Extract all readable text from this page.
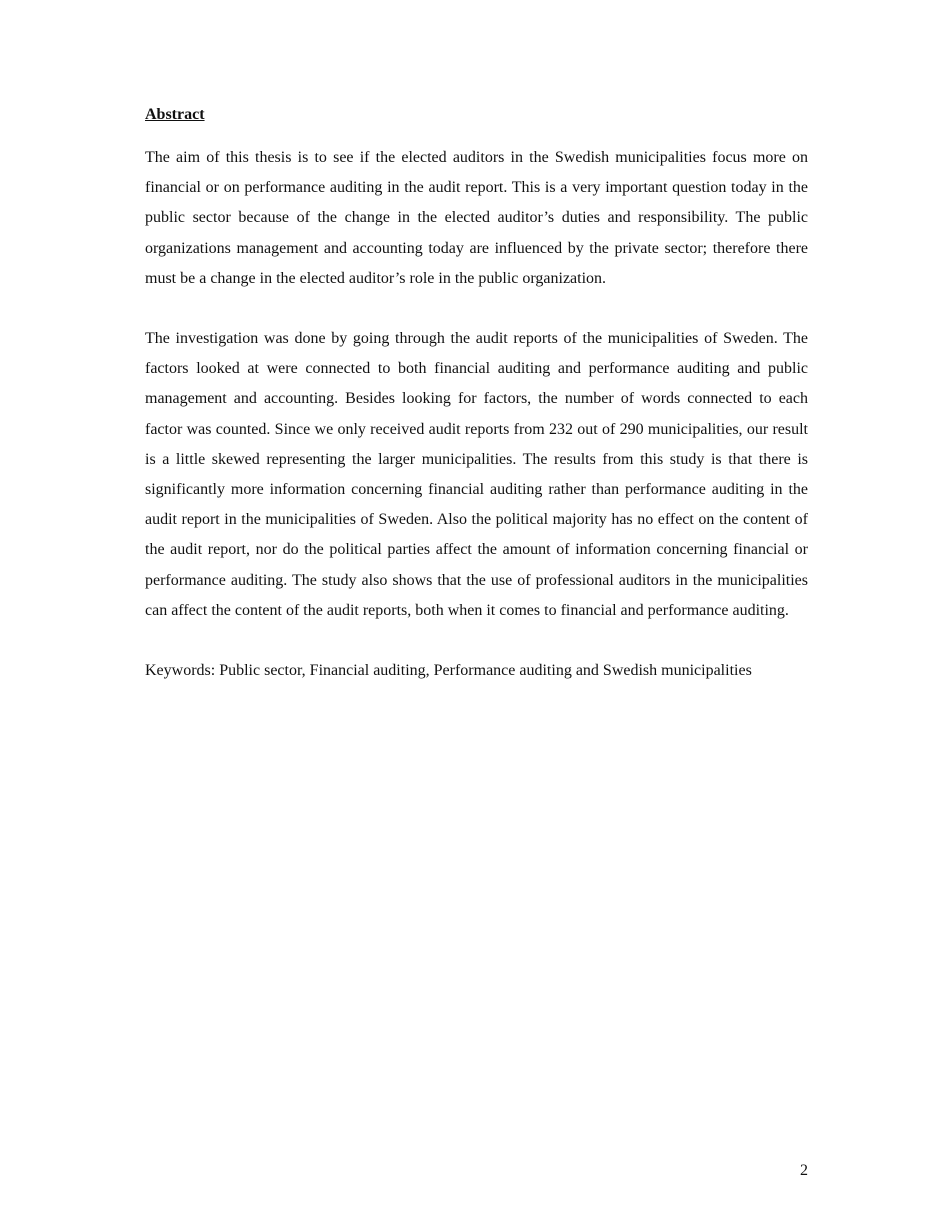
Abstract

The aim of this thesis is to see if the elected auditors in the Swedish municipalities focus more on financial or on performance auditing in the audit report. This is a very important question today in the public sector because of the change in the elected auditor’s duties and responsibility. The public organizations management and accounting today are influenced by the private sector; therefore there must be a change in the elected auditor’s role in the public organization.

The investigation was done by going through the audit reports of the municipalities of Sweden. The factors looked at were connected to both financial auditing and performance auditing and public management and accounting. Besides looking for factors, the number of words connected to each factor was counted. Since we only received audit reports from 232 out of 290 municipalities, our result is a little skewed representing the larger municipalities. The results from this study is that there is significantly more information concerning financial auditing rather than performance auditing in the audit report in the municipalities of Sweden. Also the political majority has no effect on the content of the audit report, nor do the political parties affect the amount of information concerning financial or performance auditing. The study also shows that the use of professional auditors in the municipalities can affect the content of the audit reports, both when it comes to financial and performance auditing.

Keywords: Public sector, Financial auditing, Performance auditing and Swedish municipalities

2
